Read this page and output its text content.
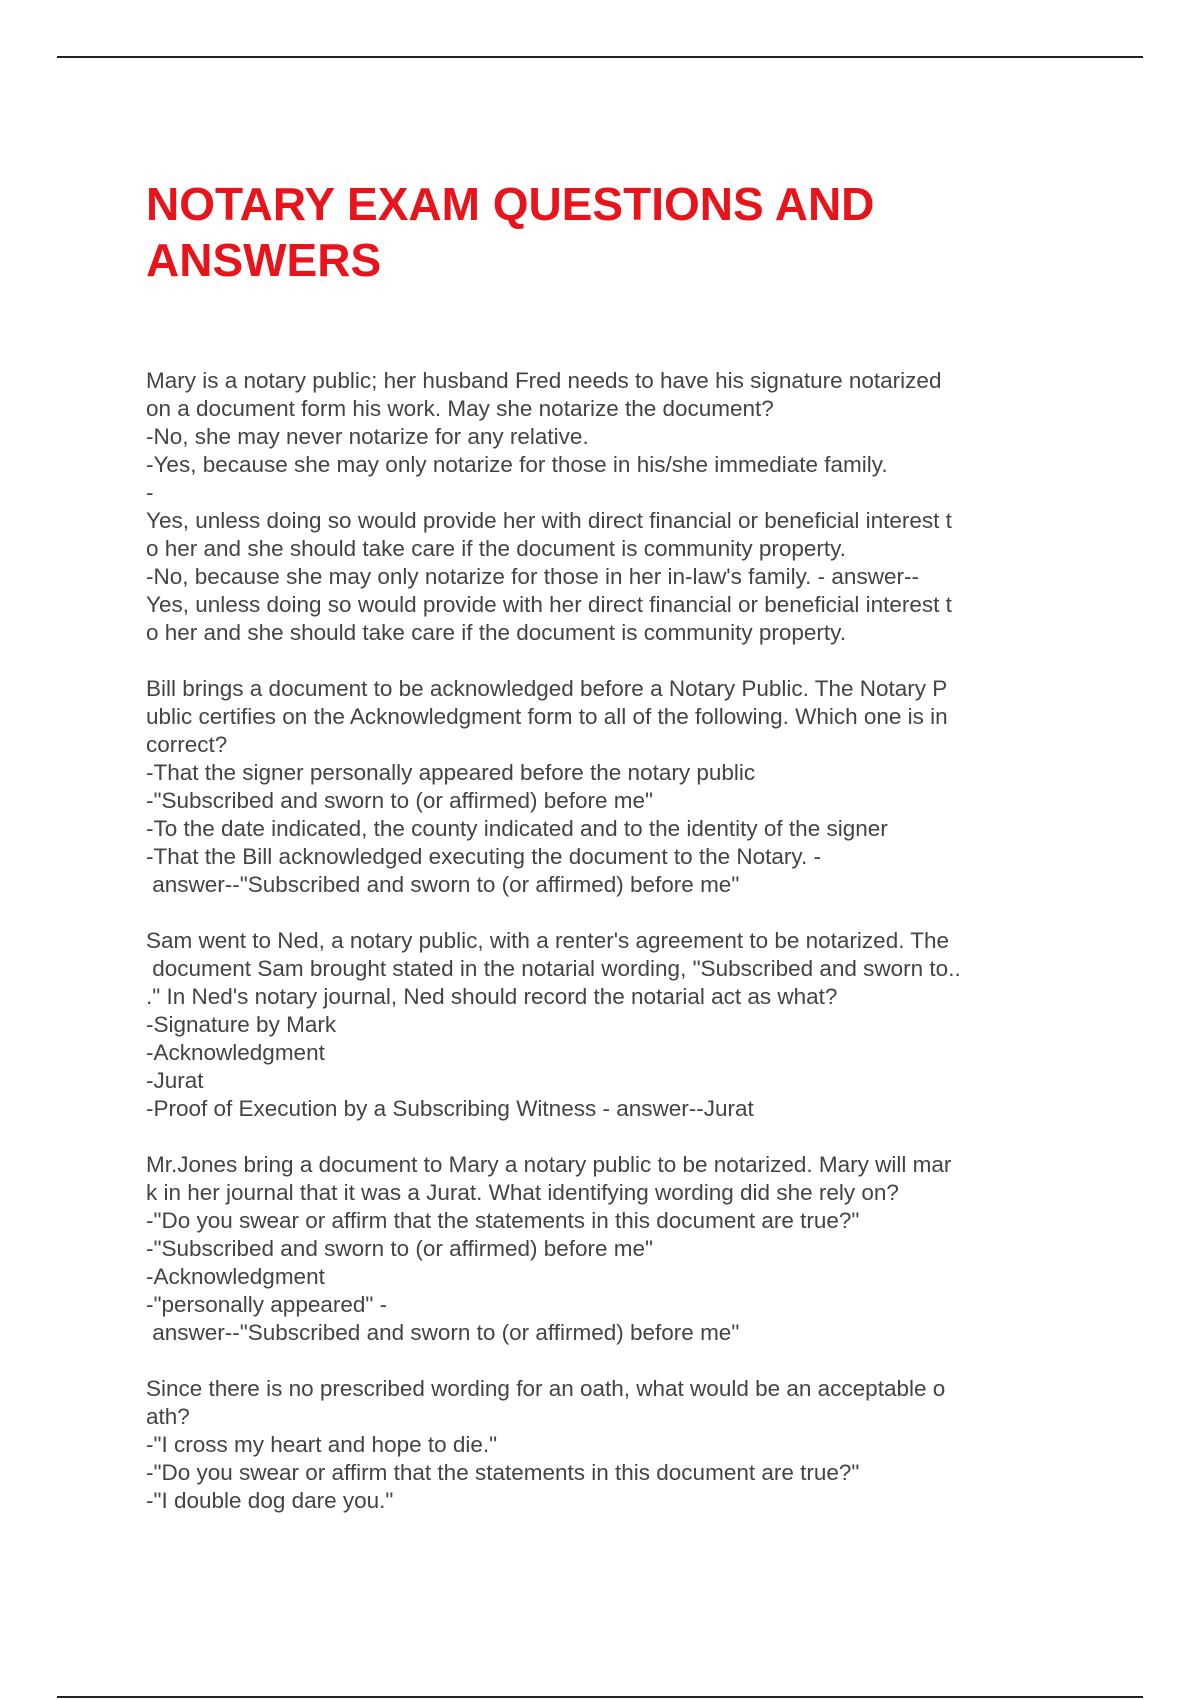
NOTARY EXAM QUESTIONS AND
ANSWERS
Mary is a notary public; her husband Fred needs to have his signature notarized
on a document form his work. May she notarize the document?
-No, she may never notarize for any relative.
-Yes, because she may only notarize for those in his/she immediate family.
-
Yes, unless doing so would provide her with direct financial or beneficial interest t
o her and she should take care if the document is community property.
-No, because she may only notarize for those in her in-law's family. - answer--
Yes, unless doing so would provide with her direct financial or beneficial interest t
o her and she should take care if the document is community property.
Bill brings a document to be acknowledged before a Notary Public. The Notary P
ublic certifies on the Acknowledgment form to all of the following. Which one is in
correct?
-That the signer personally appeared before the notary public
-"Subscribed and sworn to (or affirmed) before me"
-To the date indicated, the county indicated and to the identity of the signer
-That the Bill acknowledged executing the document to the Notary. -
answer--"Subscribed and sworn to (or affirmed) before me"
Sam went to Ned, a notary public, with a renter's agreement to be notarized. The
document Sam brought stated in the notarial wording, "Subscribed and sworn to..
." In Ned's notary journal, Ned should record the notarial act as what?
-Signature by Mark
-Acknowledgment
-Jurat
-Proof of Execution by a Subscribing Witness - answer--Jurat
Mr.Jones bring a document to Mary a notary public to be notarized. Mary will mar
k in her journal that it was a Jurat. What identifying wording did she rely on?
-"Do you swear or affirm that the statements in this document are true?"
-"Subscribed and sworn to (or affirmed) before me"
-Acknowledgment
-"personally appeared" -
answer--"Subscribed and sworn to (or affirmed) before me"
Since there is no prescribed wording for an oath, what would be an acceptable o
ath?
-"I cross my heart and hope to die."
-"Do you swear or affirm that the statements in this document are true?"
-"I double dog dare you."
